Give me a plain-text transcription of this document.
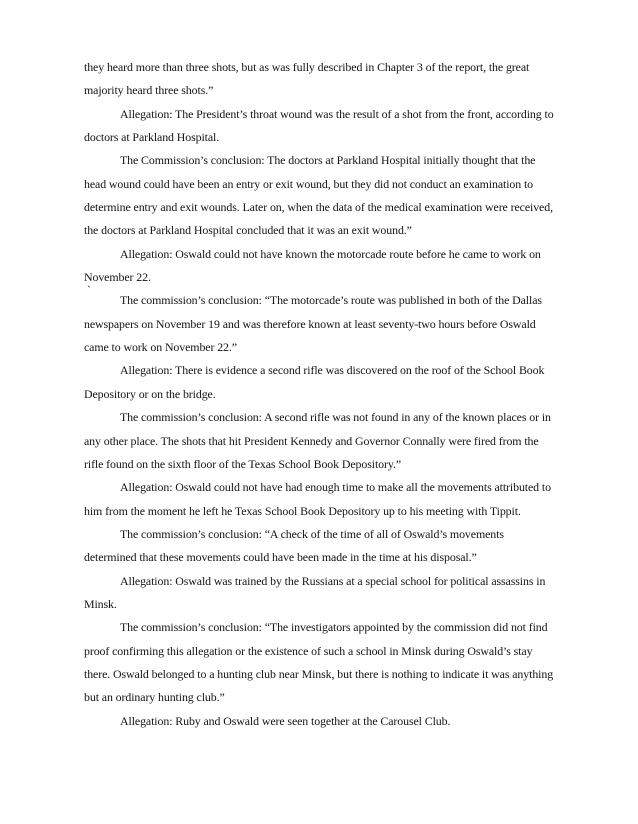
`

they heard more than three shots, but as was fully described in Chapter 3 of the report, the great majority heard three shots.”

Allegation: The President’s throat wound was the result of a shot from the front, according to doctors at Parkland Hospital.

The Commission’s conclusion: The doctors at Parkland Hospital initially thought that the head wound could have been an entry or exit wound, but they did not conduct an examination to determine entry and exit wounds. Later on, when the data of the medical examination were received, the doctors at Parkland Hospital concluded that it was an exit wound.”

Allegation: Oswald could not have known the motorcade route before he came to work on November 22.

The commission’s conclusion: “The motorcade’s route was published in both of the Dallas newspapers on November 19 and was therefore known at least seventy-two hours before Oswald came to work on November 22.”

Allegation: There is evidence a second rifle was discovered on the roof of the School Book Depository or on the bridge.

The commission’s conclusion: A second rifle was not found in any of the known places or in any other place. The shots that hit President Kennedy and Governor Connally were fired from the rifle found on the sixth floor of the Texas School Book Depository.”

Allegation: Oswald could not have had enough time to make all the movements attributed to him from the moment he left he Texas School Book Depository up to his meeting with Tippit.

The commission’s conclusion: “A check of the time of all of Oswald’s movements determined that these movements could have been made in the time at his disposal.”

Allegation: Oswald was trained by the Russians at a special school for political assassins in Minsk.

The commission’s conclusion: “The investigators appointed by the commission did not find proof confirming this allegation or the existence of such a school in Minsk during Oswald’s stay there. Oswald belonged to a hunting club near Minsk, but there is nothing to indicate it was anything but an ordinary hunting club.”

Allegation: Ruby and Oswald were seen together at the Carousel Club.
